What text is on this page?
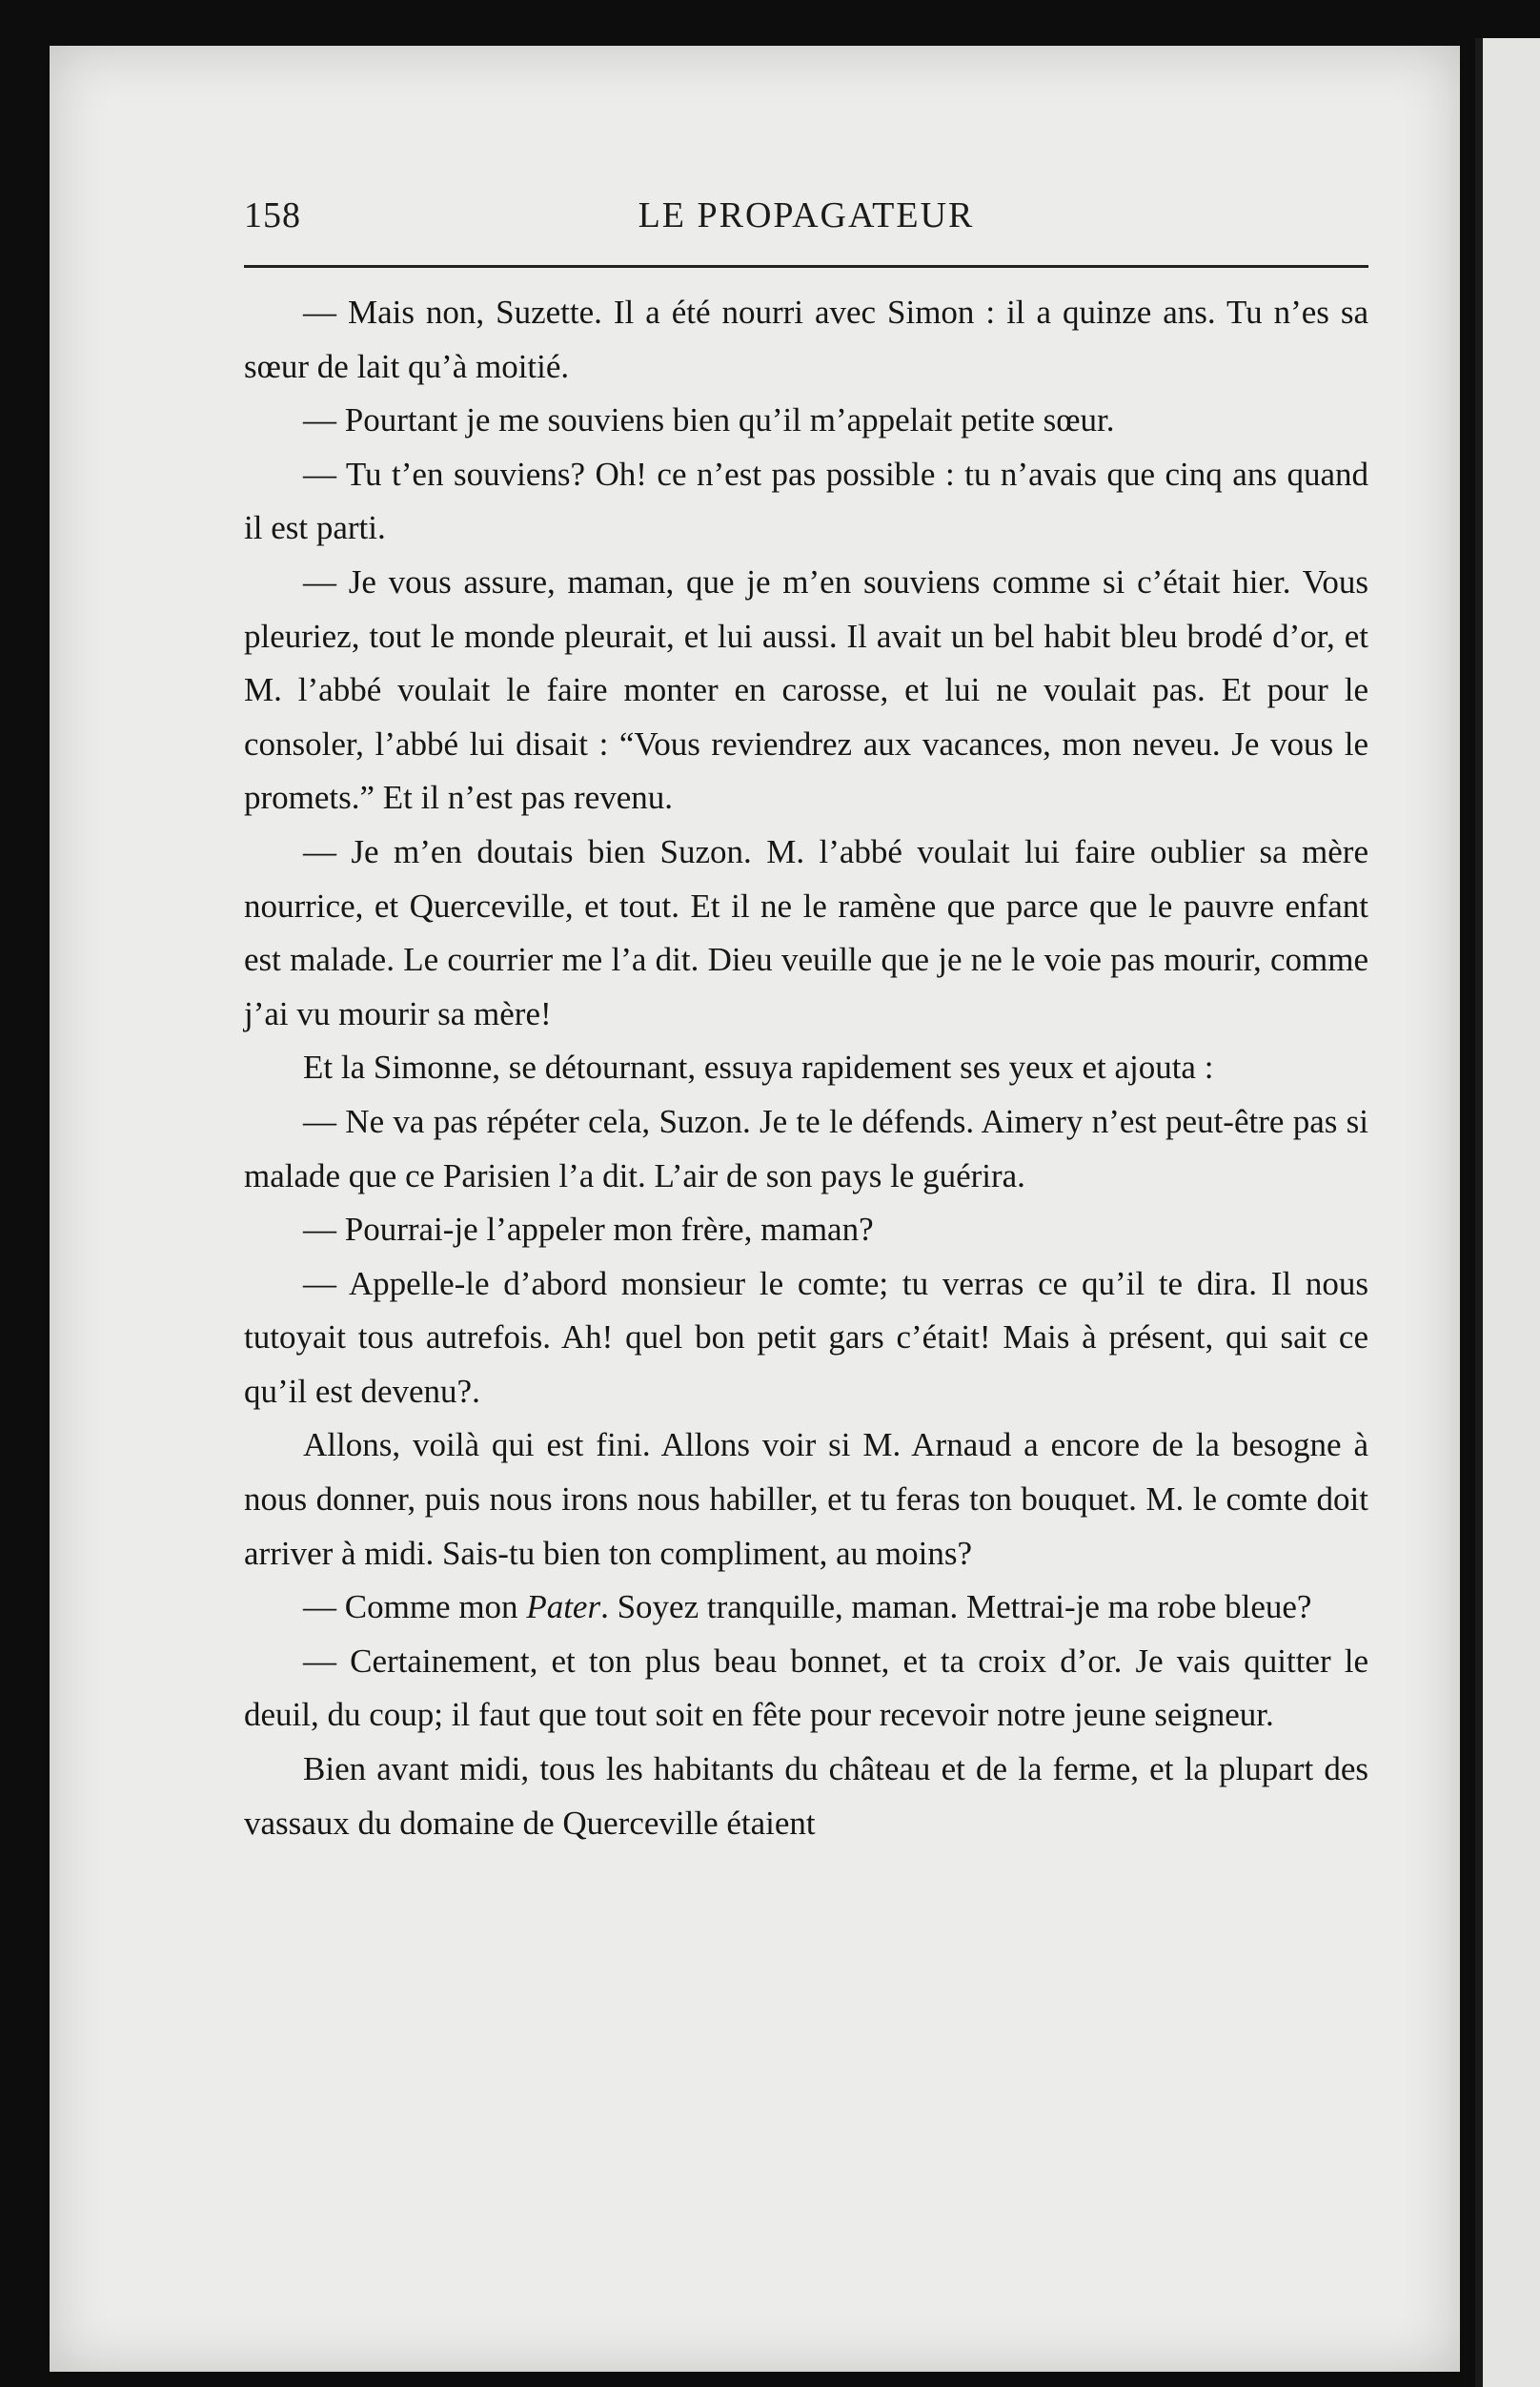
158	LE PROPAGATEUR

— Mais non, Suzette. Il a été nourri avec Simon : il a quinze ans. Tu n’es sa sœur de lait qu’à moitié.

— Pourtant je me souviens bien qu’il m’appelait petite sœur.

— Tu t’en souviens? Oh! ce n’est pas possible : tu n’avais que cinq ans quand il est parti.

— Je vous assure, maman, que je m’en souviens comme si c’était hier. Vous pleuriez, tout le monde pleurait, et lui aussi. Il avait un bel habit bleu brodé d’or, et M. l’abbé voulait le faire monter en carosse, et lui ne voulait pas. Et pour le consoler, l’abbé lui disait : “Vous reviendrez aux vacances, mon neveu. Je vous le promets.” Et il n’est pas revenu.

— Je m’en doutais bien Suzon. M. l’abbé voulait lui faire oublier sa mère nourrice, et Querceville, et tout. Et il ne le ramène que parce que le pauvre enfant est malade. Le courrier me l’a dit. Dieu veuille que je ne le voie pas mourir, comme j’ai vu mourir sa mère!

Et la Simonne, se détournant, essuya rapidement ses yeux et ajouta :

— Ne va pas répéter cela, Suzon. Je te le défends. Aimery n’est peut-être pas si malade que ce Parisien l’a dit. L’air de son pays le guérira.

— Pourrai-je l’appeler mon frère, maman?

— Appelle-le d’abord monsieur le comte; tu verras ce qu’il te dira. Il nous tutoyait tous autrefois. Ah! quel bon petit gars c’était! Mais à présent, qui sait ce qu’il est devenu?.

Allons, voilà qui est fini. Allons voir si M. Arnaud a encore de la besogne à nous donner, puis nous irons nous habiller, et tu feras ton bouquet. M. le comte doit arriver à midi. Sais-tu bien ton compliment, au moins?

— Comme mon Pater. Soyez tranquille, maman. Mettrai-je ma robe bleue?

— Certainement, et ton plus beau bonnet, et ta croix d’or. Je vais quitter le deuil, du coup; il faut que tout soit en fête pour recevoir notre jeune seigneur.

Bien avant midi, tous les habitants du château et de la ferme, et la plupart des vassaux du domaine de Querceville étaient
